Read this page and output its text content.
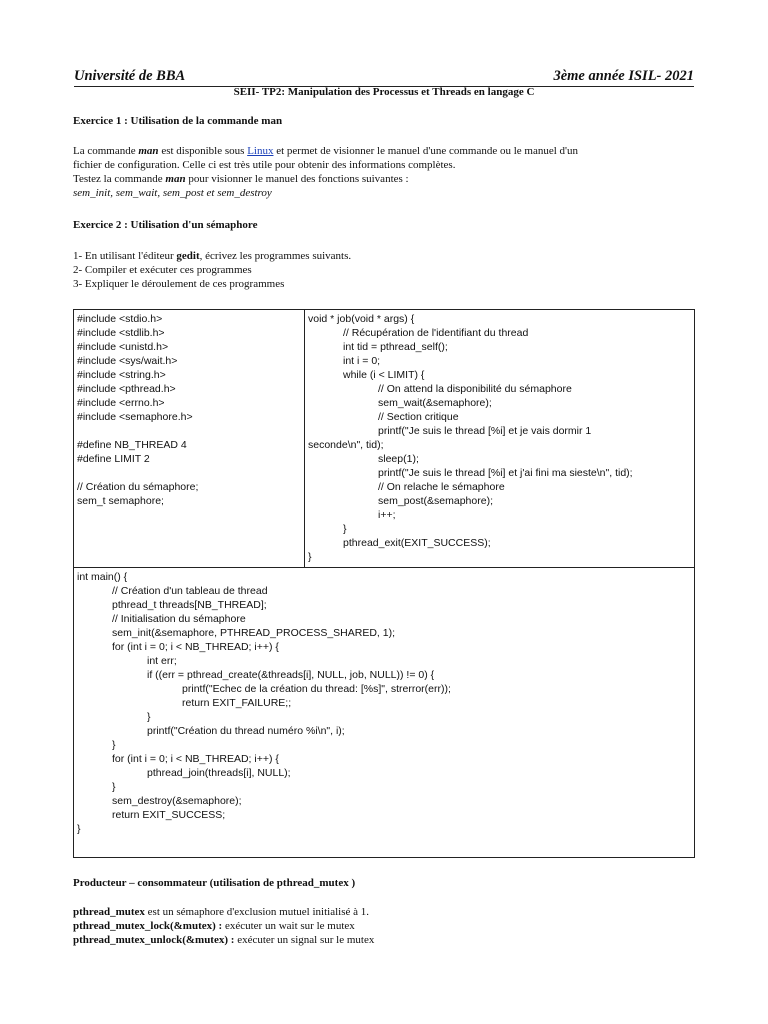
Université de BBA	3ème année ISIL- 2021
SEII- TP2: Manipulation des Processus et Threads en langage C
Exercice 1 : Utilisation de la commande man
La commande man est disponible sous Linux et permet de visionner le manuel d'une commande ou le manuel d'un
fichier de configuration. Celle ci est très utile pour obtenir des informations complètes.
Testez la commande man pour visionner le manuel des fonctions suivantes :
sem_init, sem_wait, sem_post et sem_destroy
Exercice 2 : Utilisation d'un sémaphore
1- En utilisant l'éditeur gedit, écrivez les programmes suivants.
2- Compiler et exécuter ces programmes
3- Expliquer le déroulement de ces programmes
#include <stdio.h>
#include <stdlib.h>
#include <unistd.h>
#include <sys/wait.h>
#include <string.h>
#include <pthread.h>
#include <errno.h>
#include <semaphore.h>
#define NB_THREAD 4
#define LIMIT 2
// Création du sémaphore;
sem_t semaphore;
void * job(void * args) {
// Récupération de l'identifiant du thread
int tid = pthread_self();
int i = 0;
while (i < LIMIT) {
// On attend la disponibilité du sémaphore
sem_wait(&semaphore);
// Section critique
printf("Je suis le thread [%i] et je vais dormir 1
seconde\n", tid);
sleep(1);
printf("Je suis le thread [%i] et j'ai fini ma sieste\n", tid);
// On relache le sémaphore
sem_post(&semaphore);
i++;
}
pthread_exit(EXIT_SUCCESS);
}
int main() {
// Création d'un tableau de thread
pthread_t threads[NB_THREAD];
// Initialisation du sémaphore
sem_init(&semaphore, PTHREAD_PROCESS_SHARED, 1);
for (int i = 0; i < NB_THREAD; i++) {
int err;
if ((err = pthread_create(&threads[i], NULL, job, NULL)) != 0) {
printf("Echec de la création du thread: [%s]", strerror(err));
return EXIT_FAILURE;;
}
printf("Création du thread numéro %i\n", i);
}
for (int i = 0; i < NB_THREAD; i++) {
pthread_join(threads[i], NULL);
}
sem_destroy(&semaphore);
return EXIT_SUCCESS;
}
Producteur – consommateur (utilisation de pthread_mutex )
pthread_mutex est un sémaphore d'exclusion mutuel initialisé à 1.
pthread_mutex_lock(&mutex) : exécuter un wait sur le mutex
pthread_mutex_unlock(&mutex) : exécuter un signal sur le mutex
